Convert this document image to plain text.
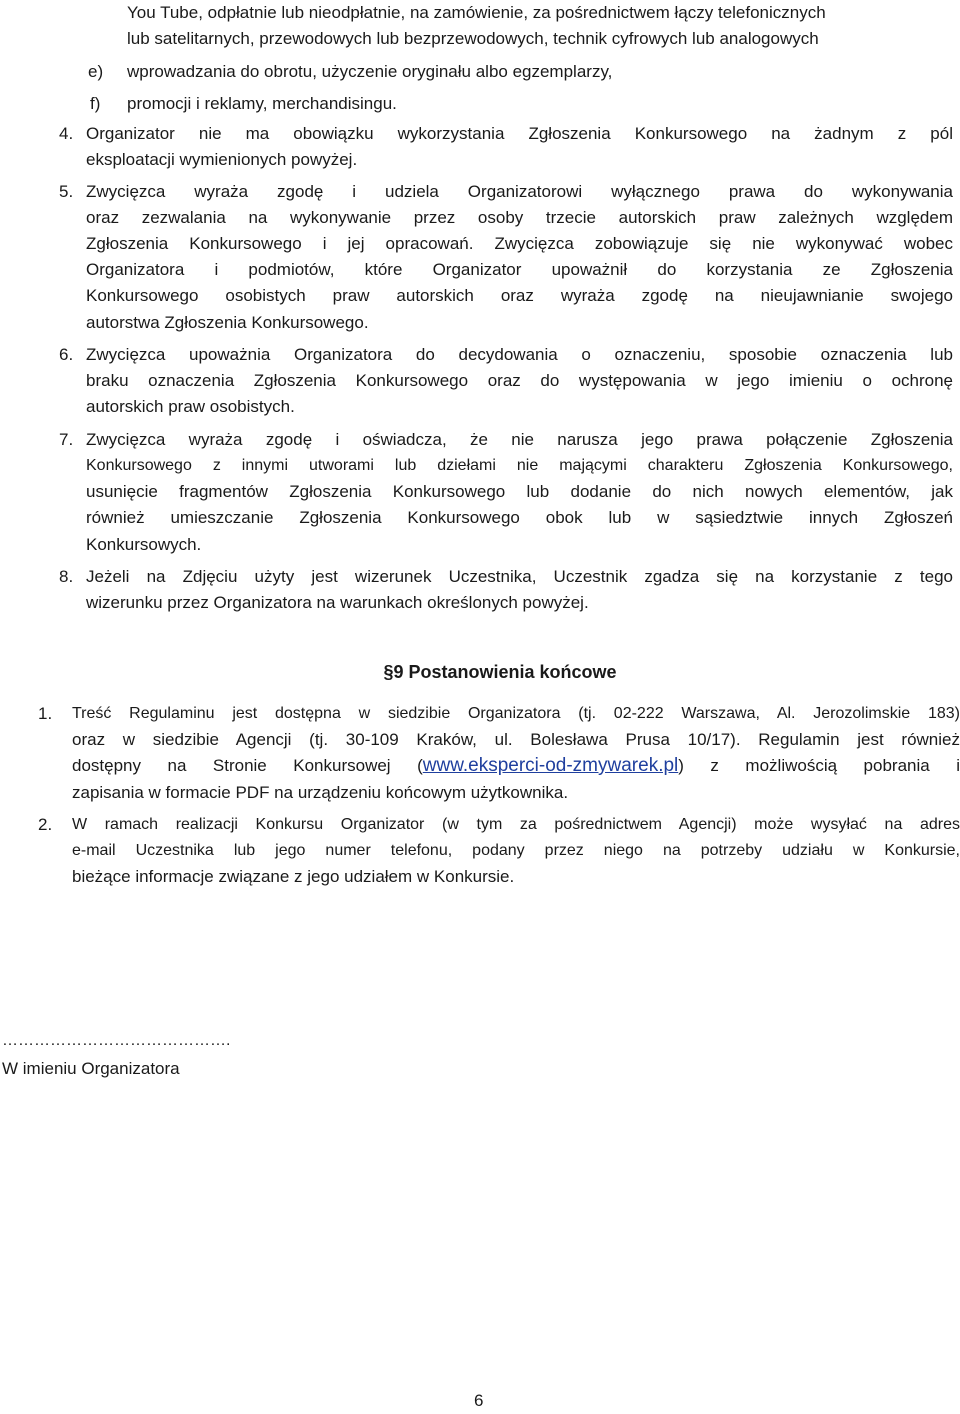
You Tube, odpłatnie lub nieodpłatnie, na zamówienie, za pośrednictwem łączy telefonicznych
lub satelitarnych, przewodowych lub bezprzewodowych, technik cyfrowych lub analogowych
e) wprowadzania do obrotu, użyczenie oryginału albo egzemplarzy,
f) promocji i reklamy, merchandisingu.
4. Organizator nie ma obowiązku wykorzystania Zgłoszenia Konkursowego na żadnym z pól
eksploatacji wymienionych powyżej.
5. Zwycięzca wyraża zgodę i udziela Organizatorowi wyłącznego prawa do wykonywania
oraz zezwalania na wykonywanie przez osoby trzecie autorskich praw zależnych względem
Zgłoszenia Konkursowego i jej opracowań. Zwycięzca zobowiązuje się nie wykonywać wobec
Organizatora i podmiotów, które Organizator upoważnił do korzystania ze Zgłoszenia
Konkursowego osobistych praw autorskich oraz wyraża zgodę na nieujawnianie swojego
autorstwa Zgłoszenia Konkursowego.
6. Zwycięzca upoważnia Organizatora do decydowania o oznaczeniu, sposobie oznaczenia lub
braku oznaczenia Zgłoszenia Konkursowego oraz do występowania w jego imieniu o ochronę
autorskich praw osobistych.
7. Zwycięzca wyraża zgodę i oświadcza, że nie narusza jego prawa połączenie Zgłoszenia
Konkursowego z innymi utworami lub dziełami nie mającymi charakteru Zgłoszenia Konkursowego,
usunięcie fragmentów Zgłoszenia Konkursowego lub dodanie do nich nowych elementów, jak
również umieszczanie Zgłoszenia Konkursowego obok lub w sąsiedztwie innych Zgłoszeń
Konkursowych.
8. Jeżeli na Zdjęciu użyty jest wizerunek Uczestnika, Uczestnik zgadza się na korzystanie z tego
wizerunku przez Organizatora na warunkach określonych powyżej.
§9 Postanowienia końcowe
1. Treść Regulaminu jest dostępna w siedzibie Organizatora (tj. 02-222 Warszawa, Al. Jerozolimskie 183)
oraz w siedzibie Agencji (tj. 30-109 Kraków, ul. Bolesława Prusa 10/17). Regulamin jest również
dostępny na Stronie Konkursowej (www.eksperci-od-zmywarek.pl) z możliwością pobrania i
zapisania w formacie PDF na urządzeniu końcowym użytkownika.
2. W ramach realizacji Konkursu Organizator (w tym za pośrednictwem Agencji) może wysyłać na adres
e-mail Uczestnika lub jego numer telefonu, podany przez niego na potrzeby udziału w Konkursie,
bieżące informacje związane z jego udziałem w Konkursie.
…………………………………….
W imieniu Organizatora
6
